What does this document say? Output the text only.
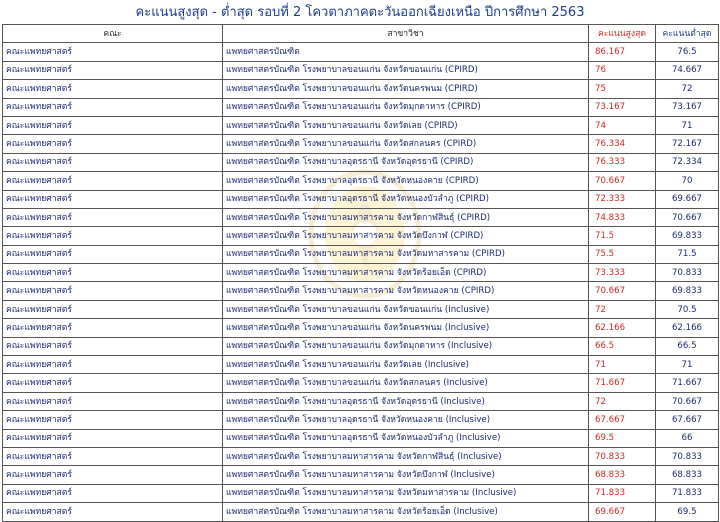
คะแนนสูงสุด - ต่ำสุด รอบที่ 2 โควตาภาคตะวันออกเฉียงเหนือ ปีการศึกษา 2563
คณะ	สาขาวิชา	คะแนนสูงสุด	คะแนนต่ำสุด
คณะแพทยศาสตร์	แพทยศาสตรบัณฑิต	86.167	76.5
คณะแพทยศาสตร์	แพทยศาสตรบัณฑิต โรงพยาบาลขอนแก่น จังหวัดขอนแก่น (CPIRD)	76	74.667
คณะแพทยศาสตร์	แพทยศาสตรบัณฑิต โรงพยาบาลขอนแก่น จังหวัดนครพนม (CPIRD)	75	72
คณะแพทยศาสตร์	แพทยศาสตรบัณฑิต โรงพยาบาลขอนแก่น จังหวัดมุกดาหาร (CPIRD)	73.167	73.167
คณะแพทยศาสตร์	แพทยศาสตรบัณฑิต โรงพยาบาลขอนแก่น จังหวัดเลย (CPIRD)	74	71
คณะแพทยศาสตร์	แพทยศาสตรบัณฑิต โรงพยาบาลขอนแก่น จังหวัดสกลนคร (CPIRD)	76.334	72.167
คณะแพทยศาสตร์	แพทยศาสตรบัณฑิต โรงพยาบาลอุดรธานี จังหวัดอุดรธานี (CPIRD)	76.333	72.334
คณะแพทยศาสตร์	แพทยศาสตรบัณฑิต โรงพยาบาลอุดรธานี จังหวัดหนองคาย (CPIRD)	70.667	70
คณะแพทยศาสตร์	แพทยศาสตรบัณฑิต โรงพยาบาลอุดรธานี จังหวัดหนองบัวลำภู (CPIRD)	72.333	69.667
คณะแพทยศาสตร์	แพทยศาสตรบัณฑิต โรงพยาบาลมหาสารคาม จังหวัดกาฬสินธุ์ (CPIRD)	74.833	70.667
คณะแพทยศาสตร์	แพทยศาสตรบัณฑิต โรงพยาบาลมหาสารคาม จังหวัดบึงกาฬ (CPIRD)	71.5	69.833
คณะแพทยศาสตร์	แพทยศาสตรบัณฑิต โรงพยาบาลมหาสารคาม จังหวัดมหาสารคาม (CPIRD)	75.5	71.5
คณะแพทยศาสตร์	แพทยศาสตรบัณฑิต โรงพยาบาลมหาสารคาม จังหวัดร้อยเอ็ด (CPIRD)	73.333	70.833
คณะแพทยศาสตร์	แพทยศาสตรบัณฑิต โรงพยาบาลมหาสารคาม จังหวัดหนองคาย (CPIRD)	70.667	69.833
คณะแพทยศาสตร์	แพทยศาสตรบัณฑิต โรงพยาบาลขอนแก่น จังหวัดขอนแก่น (Inclusive)	72	70.5
คณะแพทยศาสตร์	แพทยศาสตรบัณฑิต โรงพยาบาลขอนแก่น จังหวัดนครพนม (Inclusive)	62.166	62.166
คณะแพทยศาสตร์	แพทยศาสตรบัณฑิต โรงพยาบาลขอนแก่น จังหวัดมุกดาหาร (Inclusive)	66.5	66.5
คณะแพทยศาสตร์	แพทยศาสตรบัณฑิต โรงพยาบาลขอนแก่น จังหวัดเลย (Inclusive)	71	71
คณะแพทยศาสตร์	แพทยศาสตรบัณฑิต โรงพยาบาลขอนแก่น จังหวัดสกลนคร (Inclusive)	71.667	71.667
คณะแพทยศาสตร์	แพทยศาสตรบัณฑิต โรงพยาบาลอุดรธานี จังหวัดอุดรธานี (Inclusive)	72	70.667
คณะแพทยศาสตร์	แพทยศาสตรบัณฑิต โรงพยาบาลอุดรธานี จังหวัดหนองคาย (Inclusive)	67.667	67.667
คณะแพทยศาสตร์	แพทยศาสตรบัณฑิต โรงพยาบาลอุดรธานี จังหวัดหนองบัวลำภู (Inclusive)	69.5	66
คณะแพทยศาสตร์	แพทยศาสตรบัณฑิต โรงพยาบาลมหาสารคาม จังหวัดกาฬสินธุ์ (Inclusive)	70.833	70.833
คณะแพทยศาสตร์	แพทยศาสตรบัณฑิต โรงพยาบาลมหาสารคาม จังหวัดบึงกาฬ (Inclusive)	68.833	68.833
คณะแพทยศาสตร์	แพทยศาสตรบัณฑิต โรงพยาบาลมหาสารคาม จังหวัดมหาสารคาม (Inclusive)	71.833	71.833
คณะแพทยศาสตร์	แพทยศาสตรบัณฑิต โรงพยาบาลมหาสารคาม จังหวัดร้อยเอ็ด (Inclusive)	69.667	69.5
